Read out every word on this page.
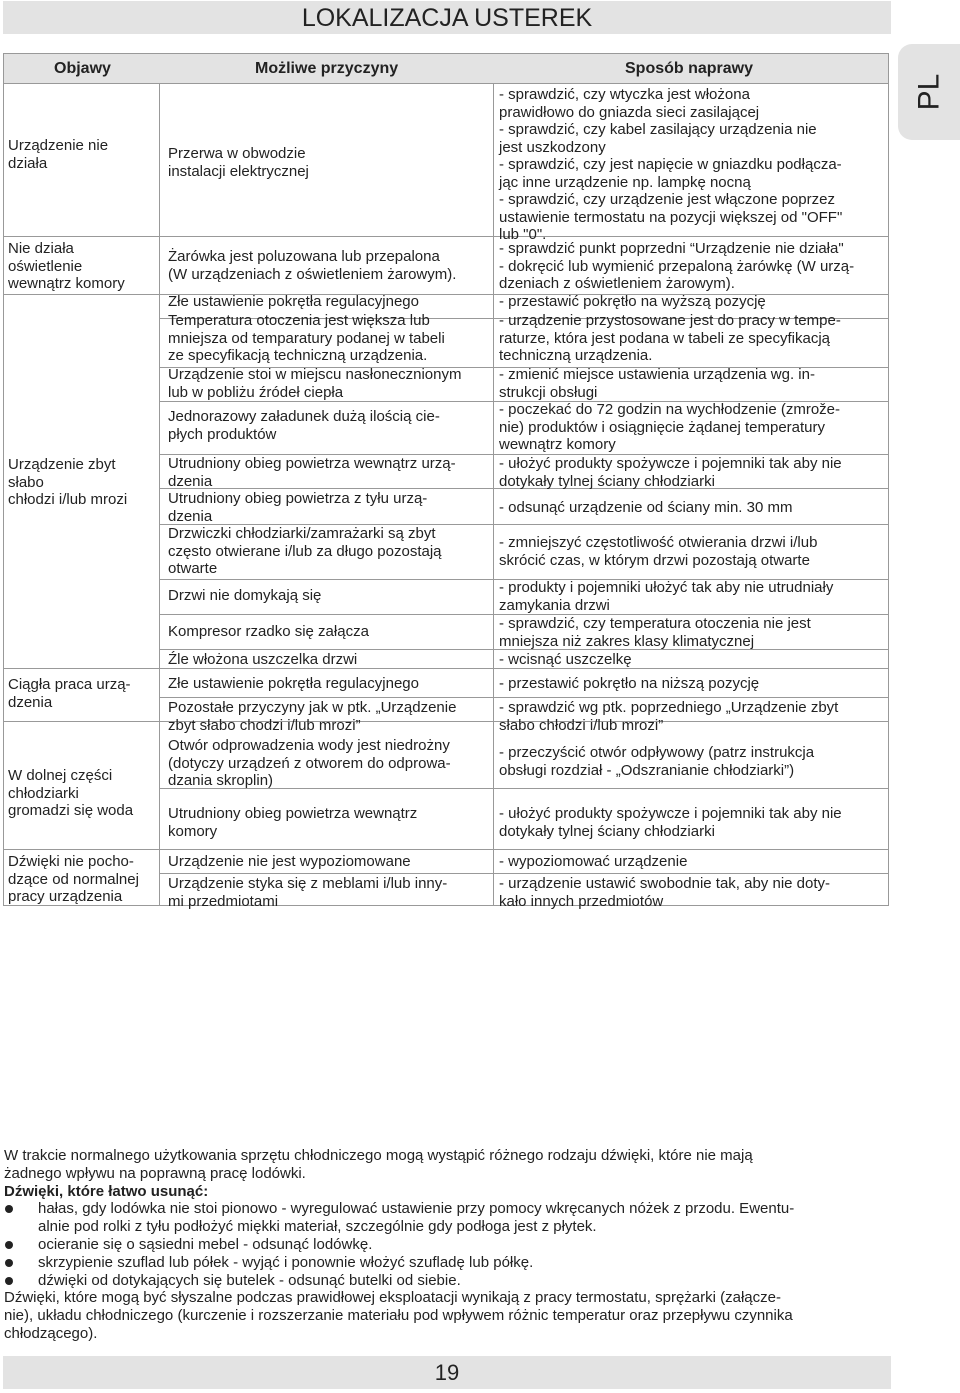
LOKALIZACJA USTEREK
PL
Objawy	Możliwe przyczyny	Sposób naprawy
Urządzenie nie
działa
Nie działa
oświetlenie
wewnątrz komory
Urządzenie zbyt
słabo
chłodzi i/lub mrozi
Ciągła praca urzą-
dzenia
W dolnej części
chłodziarki
gromadzi się woda
Dźwięki nie pocho-
dzące od normalnej
pracy urządzenia
Przerwa w obwodzie
instalacji elektrycznej
Żarówka jest poluzowana lub przepalona
(W urządzeniach z oświetleniem żarowym).
Złe ustawienie pokrętła regulacyjnego
Temperatura otoczenia jest większa lub
mniejsza od temparatury podanej w tabeli
ze specyfikacją techniczną urządzenia.
Urządzenie stoi w miejscu nasłonecznionym
lub w pobliżu źródeł ciepła
Jednorazowy załadunek dużą ilością cie-
płych produktów
Utrudniony obieg powietrza wewnątrz urzą-
dzenia
Utrudniony obieg powietrza z tyłu urzą-
dzenia
Drzwiczki chłodziarki/zamrażarki są zbyt
często otwierane i/lub za długo pozostają
otwarte
Drzwi nie domykają się
Kompresor rzadko się załącza
Źle włożona uszczelka drzwi
Złe ustawienie pokrętła regulacyjnego
Pozostałe przyczyny jak w ptk. „Urządzenie
zbyt słabo chodzi i/lub mrozi”
Otwór odprowadzenia wody jest niedrożny
(dotyczy urządzeń z otworem do odprowa-
dzania skroplin)
Utrudniony obieg powietrza wewnątrz
komory
Urządzenie nie jest wypoziomowane
Urządzenie styka się z meblami i/lub inny-
mi przedmiotami
- sprawdzić, czy wtyczka jest włożona
prawidłowo do gniazda sieci zasilającej
- sprawdzić, czy kabel zasilający urządzenia nie
jest uszkodzony
- sprawdzić, czy jest napięcie w gniazdku podłącza-
jąc inne urządzenie np. lampkę nocną
- sprawdzić, czy urządzenie jest włączone poprzez
ustawienie termostatu na pozycji większej od "OFF"
lub "0".
- sprawdzić punkt poprzedni “Urządzenie nie działa"
- dokręcić lub wymienić przepaloną żarówkę (W urzą-
dzeniach z oświetleniem żarowym).
- przestawić pokrętło na wyższą pozycję
- urządzenie przystosowane jest do pracy w tempe-
raturze, która jest podana w tabeli ze specyfikacją
techniczną urządzenia.
- zmienić miejsce ustawienia urządzenia wg. in-
strukcji obsługi
- poczekać do 72 godzin na wychłodzenie (zmrože-
nie) produktów i osiągnięcie żądanej temperatury
wewnątrz komory
- ułożyć produkty spożywcze i pojemniki tak aby nie
dotykały tylnej ściany chłodziarki
- odsunąć urządzenie od ściany min. 30 mm
- zmniejszyć częstotliwość otwierania drzwi i/lub
skrócić czas, w którym drzwi pozostają otwarte
- produkty i pojemniki ułożyć tak aby nie utrudniały
zamykania drzwi
- sprawdzić, czy temperatura otoczenia nie jest
mniejsza niż zakres klasy klimatycznej
- wcisnąć uszczelkę
- przestawić pokrętło na niższą pozycję
- sprawdzić wg ptk. poprzedniego „Urządzenie zbyt
słabo chłodzi i/lub mrozi”
- przeczyścić otwór odpływowy (patrz instrukcja
obsługi rozdział - „Odszranianie chłodziarki”)
- ułożyć produkty spożywcze i pojemniki tak aby nie
dotykały tylnej ściany chłodziarki
- wypoziomować urządzenie
- urządzenie ustawić swobodnie tak, aby nie doty-
kało innych przedmiotów

W trakcie normalnego użytkowania sprzętu chłodniczego mogą wystąpić różnego rodzaju dźwięki, które nie mają
żadnego wpływu na poprawną pracę lodówki.

Dźwięki, które łatwo usunąć:

hałas, gdy lodówka nie stoi pionowo - wyregulować ustawienie przy pomocy wkręcanych nóżek z przodu. Ewentu-
alnie pod rolki z tyłu podłożyć miękki materiał, szczególnie gdy podłoga jest z płytek.
ocieranie się o sąsiedni mebel - odsunąć lodówkę.
skrzypienie szuflad lub półek - wyjąć i ponownie włożyć szufladę lub półkę.
dźwięki od dotykających się butelek - odsunąć butelki od siebie.

Dźwięki, które mogą być słyszalne podczas prawidłowej eksploatacji wynikają z pracy termostatu, sprężarki (załącze-
nie), układu chłodniczego (kurczenie i rozszerzanie materiału pod wpływem różnic temperatur oraz przepływu czynnika
chłodzącego).

19
